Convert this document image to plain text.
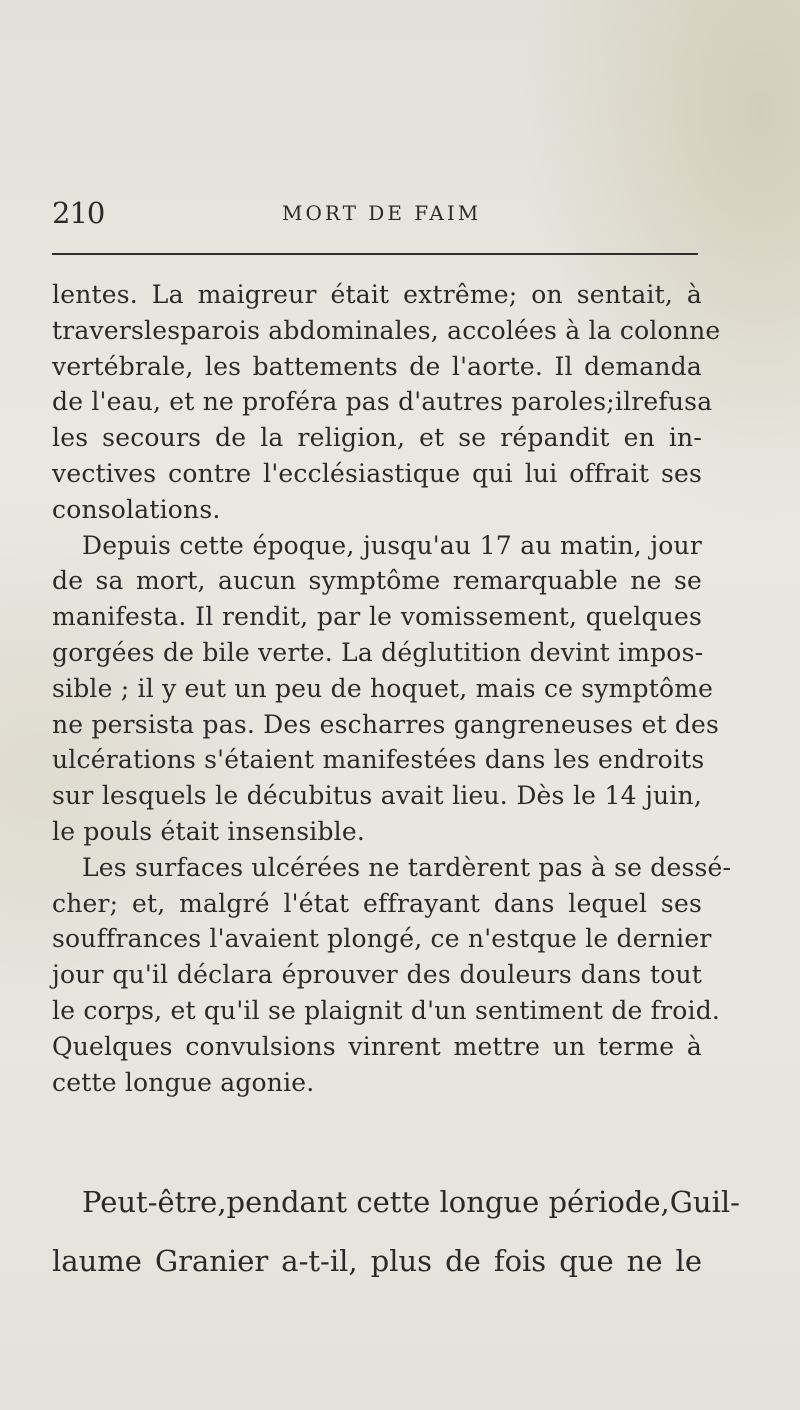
210	MORT DE FAIM
lentes. La maigreur était extrême; on sentait, à
traverslesparois abdominales, accolées à la colonne
vertébrale, les battements de l'aorte. Il demanda
de l'eau, et ne proféra pas d'autres paroles;ilrefusa
les secours de la religion, et se répandit en in-
vectives contre l'ecclésiastique qui lui offrait ses
consolations.
Depuis cette époque, jusqu'au 17 au matin, jour
de sa mort, aucun symptôme remarquable ne se
manifesta. Il rendit, par le vomissement, quelques
gorgées de bile verte. La déglutition devint impos-
sible ; il y eut un peu de hoquet, mais ce symptôme
ne persista pas. Des escharres gangreneuses et des
ulcérations s'étaient manifestées dans les endroits
sur lesquels le décubitus avait lieu. Dès le 14 juin,
le pouls était insensible.
Les surfaces ulcérées ne tardèrent pas à se dessé-
cher; et, malgré l'état effrayant dans lequel ses
souffrances l'avaient plongé, ce n'estque le dernier
jour qu'il déclara éprouver des douleurs dans tout
le corps, et qu'il se plaignit d'un sentiment de froid.
Quelques convulsions vinrent mettre un terme à
cette longue agonie.
Peut-être,pendant cette longue période,Guil-
laume Granier a-t-il, plus de fois que ne le
